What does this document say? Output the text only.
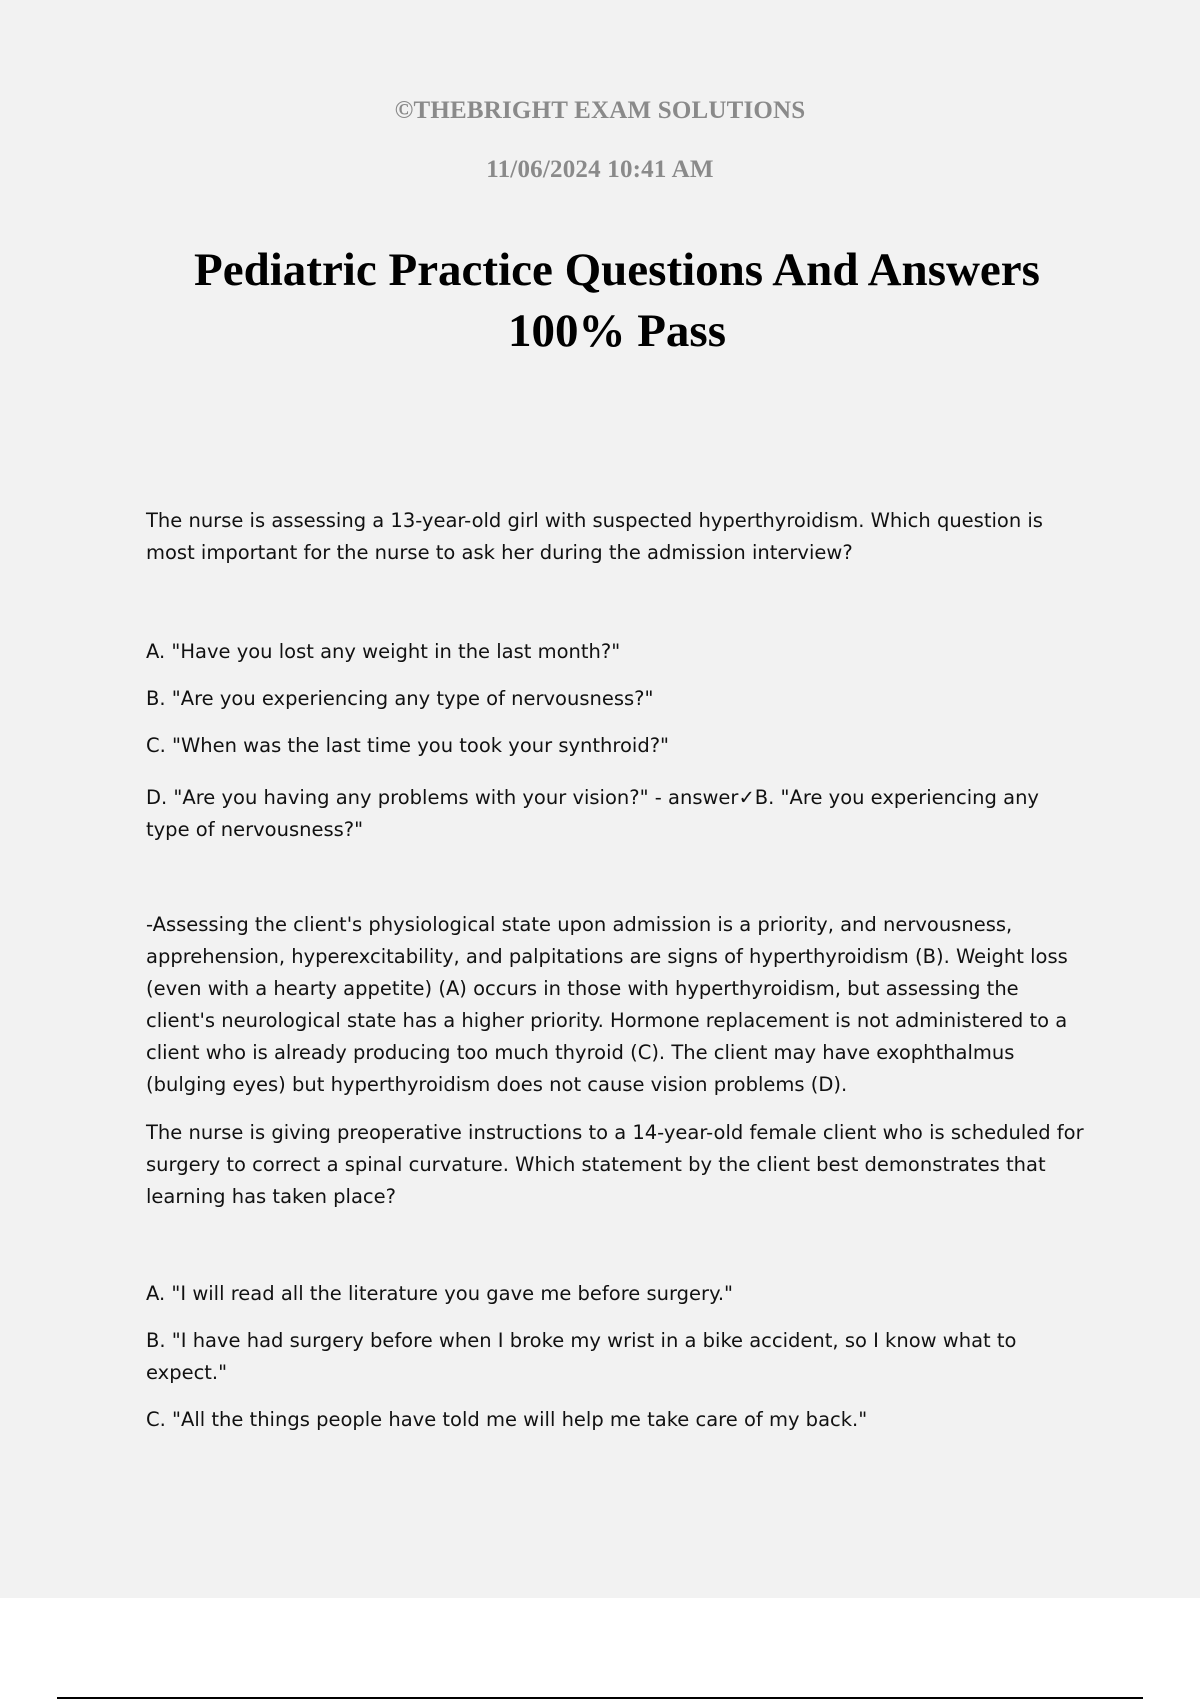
©THEBRIGHT EXAM SOLUTIONS
11/06/2024 10:41 AM
Pediatric Practice Questions And Answers
100% Pass

The nurse is assessing a 13-year-old girl with suspected hyperthyroidism. Which question is most important for the nurse to ask her during the admission interview?

A. "Have you lost any weight in the last month?"

B. "Are you experiencing any type of nervousness?"

C. "When was the last time you took your synthroid?"

D. "Are you having any problems with your vision?" - answer✓B. "Are you experiencing any type of nervousness?"

-Assessing the client's physiological state upon admission is a priority, and nervousness, apprehension, hyperexcitability, and palpitations are signs of hyperthyroidism (B). Weight loss (even with a hearty appetite) (A) occurs in those with hyperthyroidism, but assessing the client's neurological state has a higher priority. Hormone replacement is not administered to a client who is already producing too much thyroid (C). The client may have exophthalmus (bulging eyes) but hyperthyroidism does not cause vision problems (D).

The nurse is giving preoperative instructions to a 14-year-old female client who is scheduled for surgery to correct a spinal curvature. Which statement by the client best demonstrates that learning has taken place?

A. "I will read all the literature you gave me before surgery."

B. "I have had surgery before when I broke my wrist in a bike accident, so I know what to expect."

C. "All the things people have told me will help me take care of my back."
